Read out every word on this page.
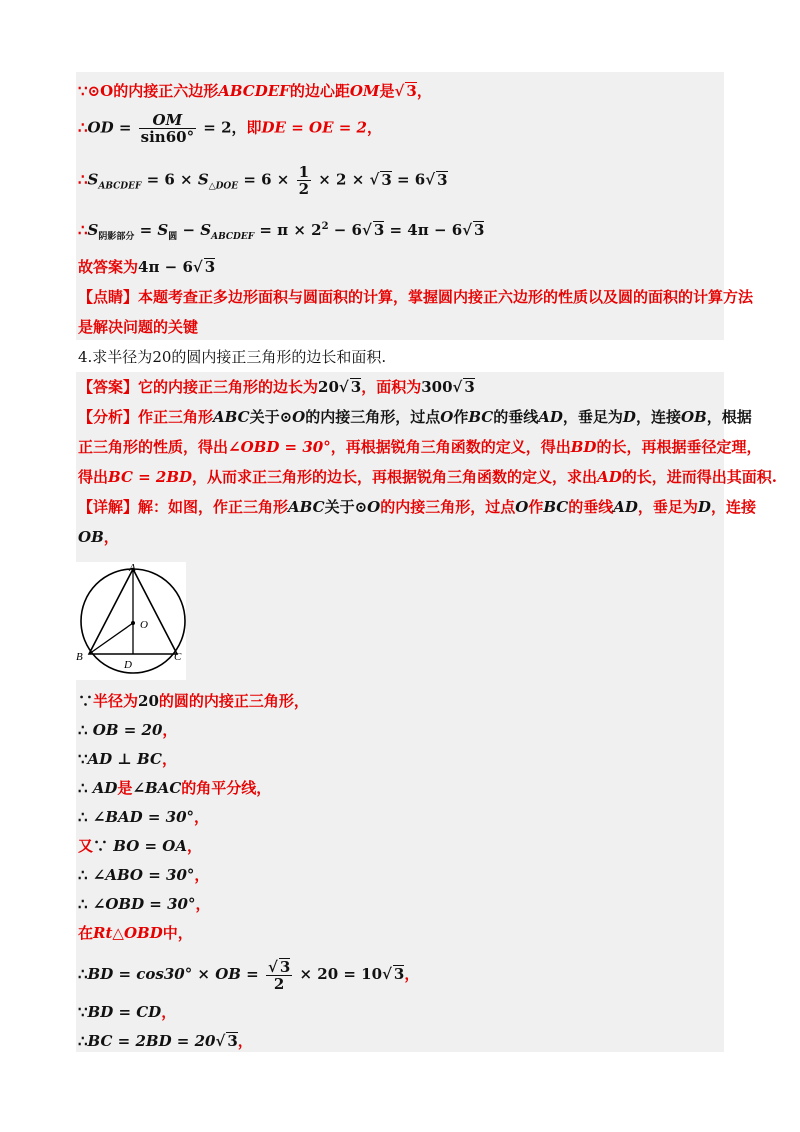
∵⊙O的内接正六边形ABCDEF的边心距OM是√ 3，
∴OD = $\frac{OM}{\sin 60^\circ} = 2$，即DE = OE = 2，
$\therefore S_{ABCDEF} = 6 \times S_{\triangle DOE} = 6 \times \frac{1}{2} \times 2$ × √ 3 = 6√ 3
$\therefore S_{阴影部分} = S_圆 - S_{ABCDEF} = \pi \times 2^2 - 6√$ 3 = 4π − 6√ 3
故答案为4π − 6√ 3
【点睛】本题考查正多边形面积与圆面积的计算，掌握圆内接正六边形的性质以及圆的面积的计算方法
是解决问题的关键
4.求半径为20的圆内接正三角形的边长和面积.
【答案】它的内接正三角形的边长为20√ 3，面积为300√ 3
【分析】作正三角形ABC关于⊙O的内接三角形，过点O作BC的垂线AD，垂足为D，连接OB，根据
正三角形的性质，得出∠OBD = 30°，再根据锐角三角函数的定义，得出BD的长，再根据垂径定理，
得出BC = 2BD，从而求正三角形的边长，再根据锐角三角函数的定义，求出AD的长，进而得出其面积.
【详解】解：如图，作正三角形ABC关于⊙O的内接三角形，过点O作BC的垂线AD，垂足为D，连接
OB，
A
O
B
D
C
∵半径为20的圆的内接正三角形，
∴ OB = 20，
∵AD ⊥ BC，
∴ AD是∠BAC的角平分线，
∴ ∠BAD = 30°，
又∵ BO = OA，
∴ ∠ABO = 30°，
∴ ∠OBD = 30°，
在Rt△OBD中，
∴BD = cos30° × OB = $\frac{√ 3}{2} \times 20 = 10√$ 3，
∵BD = CD，
∴BC = 2BD = 20√ 3，
